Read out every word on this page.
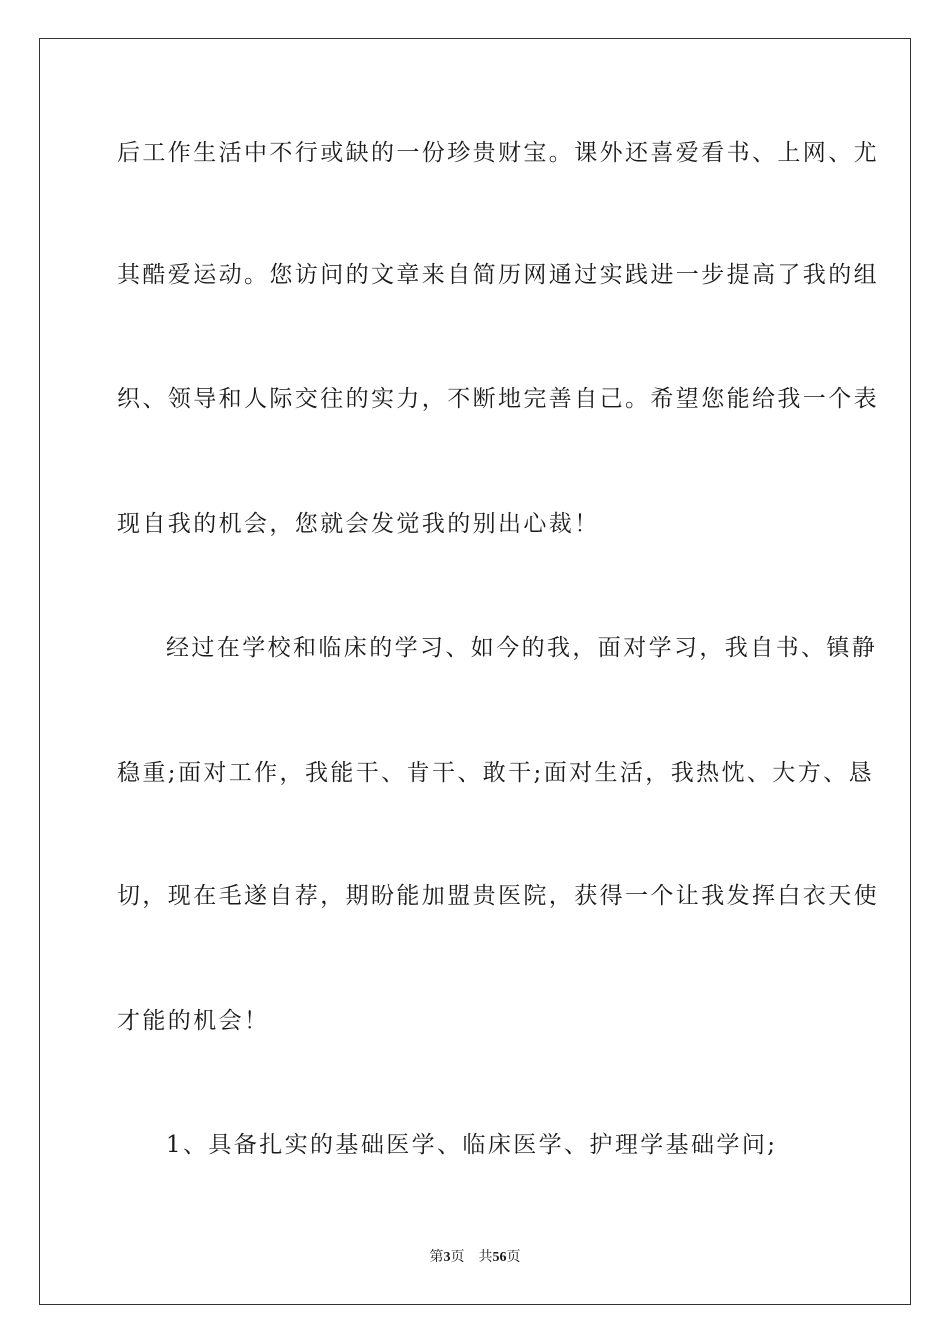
后工作生活中不行或缺的一份珍贵财宝。课外还喜爱看书、上网、尤
其酷爱运动。您访问的文章来自简历网通过实践进一步提高了我的组
织、领导和人际交往的实力，不断地完善自己。希望您能给我一个表
现自我的机会，您就会发觉我的别出心裁！
经过在学校和临床的学习、如今的我，面对学习，我自书、镇静
稳重;面对工作，我能干、肯干、敢干;面对生活，我热忱、大方、恳
切，现在毛遂自荐，期盼能加盟贵医院，获得一个让我发挥白衣天使
才能的机会！
1、具备扎实的基础医学、临床医学、护理学基础学问;
第3页 共56页
